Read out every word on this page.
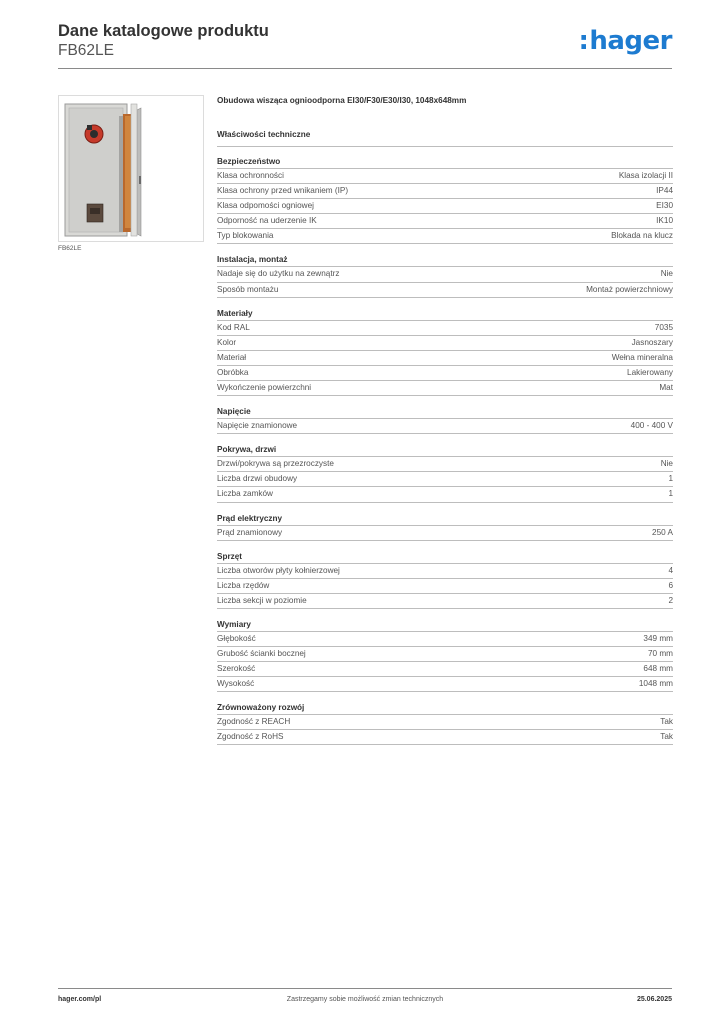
Dane katalogowe produktu
FB62LE	:hager
FB62LE
Obudowa wisząca ognioodporna EI30/F30/E30/I30, 1048x648mm
Właściwości techniczne
Bezpieczeństwo
Klasa ochronności	Klasa izolacji II
Klasa ochrony przed wnikaniem (IP)	IP44
Klasa odpomości ogniowej	EI30
Odporność na uderzenie IK	IK10
Typ blokowania	Blokada na klucz
Instalacja, montaż
Nadaje się do użytku na zewnątrz	Nie
Sposób montażu	Montaż powierzchniowy
Materiały
Kod RAL	7035
Kolor	Jasnoszary
Materiał	Wełna mineralna
Obróbka	Lakierowany
Wykończenie powierzchni	Mat
Napięcie
Napięcie znamionowe	400 - 400 V
Pokrywa, drzwi
Drzwi/pokrywa są przezroczyste	Nie
Liczba drzwi obudowy	1
Liczba zamków	1
Prąd elektryczny
Prąd znamionowy	250 A
Sprzęt
Liczba otworów płyty kołnierzowej	4
Liczba rzędów	6
Liczba sekcji w poziomie	2
Wymiary
Głębokość	349 mm
Grubość ścianki bocznej	70 mm
Szerokość	648 mm
Wysokość	1048 mm
Zrównoważony rozwój
Zgodność z REACH	Tak
Zgodność z RoHS	Tak
Zastrzegamy sobie możliwość zmian technicznych
hager.com/pl	25.06.2025
